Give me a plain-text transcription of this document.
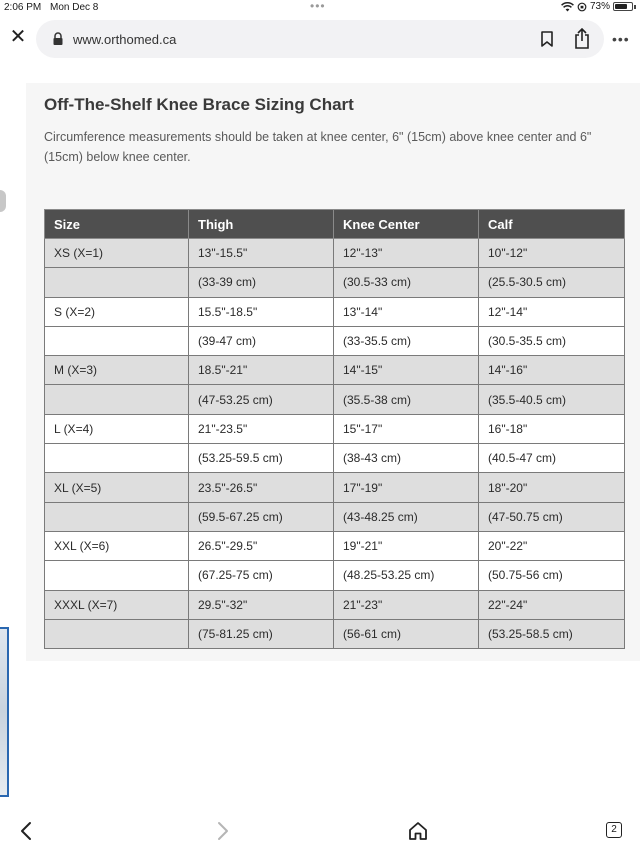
2:06 PM Mon Dec 8	•••	73%
✕	www.orthomed.ca	•••
Off-The-Shelf Knee Brace Sizing Chart
Circumference measurements should be taken at knee center, 6" (15cm) above knee center and 6" (15cm) below knee center.
Size	Thigh	Knee Center	Calf
XS (X=1)	13"-15.5"	12"-13"	10"-12"
	(33-39 cm)	(30.5-33 cm)	(25.5-30.5 cm)
S (X=2)	15.5"-18.5"	13"-14"	12"-14"
	(39-47 cm)	(33-35.5 cm)	(30.5-35.5 cm)
M (X=3)	18.5"-21"	14"-15"	14"-16"
	(47-53.25 cm)	(35.5-38 cm)	(35.5-40.5 cm)
L (X=4)	21"-23.5"	15"-17"	16"-18"
	(53.25-59.5 cm)	(38-43 cm)	(40.5-47 cm)
XL (X=5)	23.5"-26.5"	17"-19"	18"-20"
	(59.5-67.25 cm)	(43-48.25 cm)	(47-50.75 cm)
XXL (X=6)	26.5"-29.5"	19"-21"	20"-22"
	(67.25-75 cm)	(48.25-53.25 cm)	(50.75-56 cm)
XXXL (X=7)	29.5"-32"	21"-23"	22"-24"
	(75-81.25 cm)	(56-61 cm)	(53.25-58.5 cm)
2
